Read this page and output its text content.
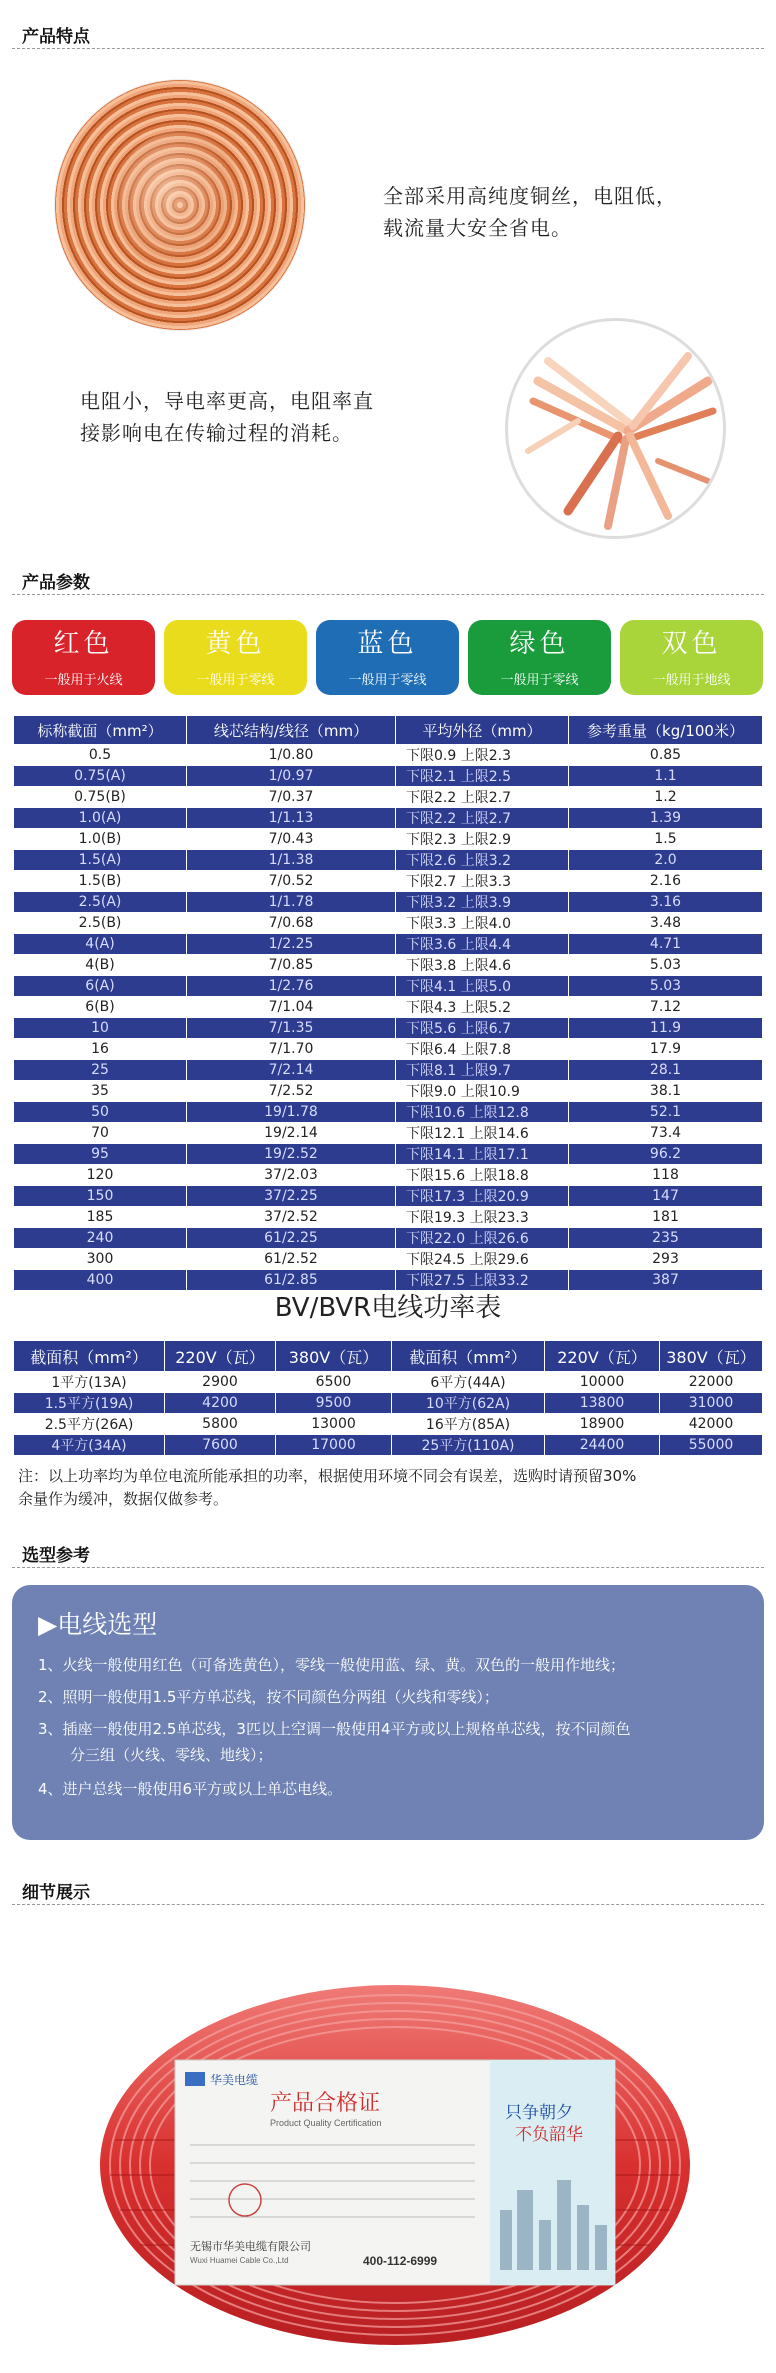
产品特点
全部采用高纯度铜丝，电阻低，
载流量大安全省电。
电阻小，导电率更高，电阻率直
接影响电在传输过程的消耗。
产品参数
红色
一般用于火线
黄色
一般用于零线
蓝色
一般用于零线
绿色
一般用于零线
双色
一般用于地线
标称截面（mm²）	线芯结构/线径（mm）	平均外径（mm）	参考重量（kg/100米）
0.5	1/0.80	下限0.9 上限2.3	0.85
0.75(A)	1/0.97	下限2.1 上限2.5	1.1
0.75(B)	7/0.37	下限2.2 上限2.7	1.2
1.0(A)	1/1.13	下限2.2 上限2.7	1.39
1.0(B)	7/0.43	下限2.3 上限2.9	1.5
1.5(A)	1/1.38	下限2.6 上限3.2	2.0
1.5(B)	7/0.52	下限2.7 上限3.3	2.16
2.5(A)	1/1.78	下限3.2 上限3.9	3.16
2.5(B)	7/0.68	下限3.3 上限4.0	3.48
4(A)	1/2.25	下限3.6 上限4.4	4.71
4(B)	7/0.85	下限3.8 上限4.6	5.03
6(A)	1/2.76	下限4.1 上限5.0	5.03
6(B)	7/1.04	下限4.3 上限5.2	7.12
10	7/1.35	下限5.6 上限6.7	11.9
16	7/1.70	下限6.4 上限7.8	17.9
25	7/2.14	下限8.1 上限9.7	28.1
35	7/2.52	下限9.0 上限10.9	38.1
50	19/1.78	下限10.6 上限12.8	52.1
70	19/2.14	下限12.1 上限14.6	73.4
95	19/2.52	下限14.1 上限17.1	96.2
120	37/2.03	下限15.6 上限18.8	118
150	37/2.25	下限17.3 上限20.9	147
185	37/2.52	下限19.3 上限23.3	181
240	61/2.25	下限22.0 上限26.6	235
300	61/2.52	下限24.5 上限29.6	293
400	61/2.85	下限27.5 上限33.2	387
BV/BVR电线功率表
截面积（mm²）	220V（瓦）	380V（瓦）	截面积（mm²）	220V（瓦）	380V（瓦）
1平方(13A)	2900	6500	6平方(44A)	10000	22000
1.5平方(19A)	4200	9500	10平方(62A)	13800	31000
2.5平方(26A)	5800	13000	16平方(85A)	18900	42000
4平方(34A)	7600	17000	25平方(110A)	24400	55000
注：以上功率均为单位电流所能承担的功率，根据使用环境不同会有误差，选购时请预留30%
余量作为缓冲，数据仅做参考。
选型参考
▶电线选型
1、火线一般使用红色（可备选黄色），零线一般使用蓝、绿、黄。双色的一般用作地线；
2、照明一般使用1.5平方单芯线，按不同颜色分两组（火线和零线）；
3、插座一般使用2.5单芯线，3匹以上空调一般使用4平方或以上规格单芯线，按不同颜色
分三组（火线、零线、地线）；
4、进户总线一般使用6平方或以上单芯电线。
细节展示
华美电缆
产品合格证
Product Quality Certification
无锡市华美电缆有限公司
Wuxi Huamei Cable Co.,Ltd	400-112-6999
只争朝夕
不负韶华
